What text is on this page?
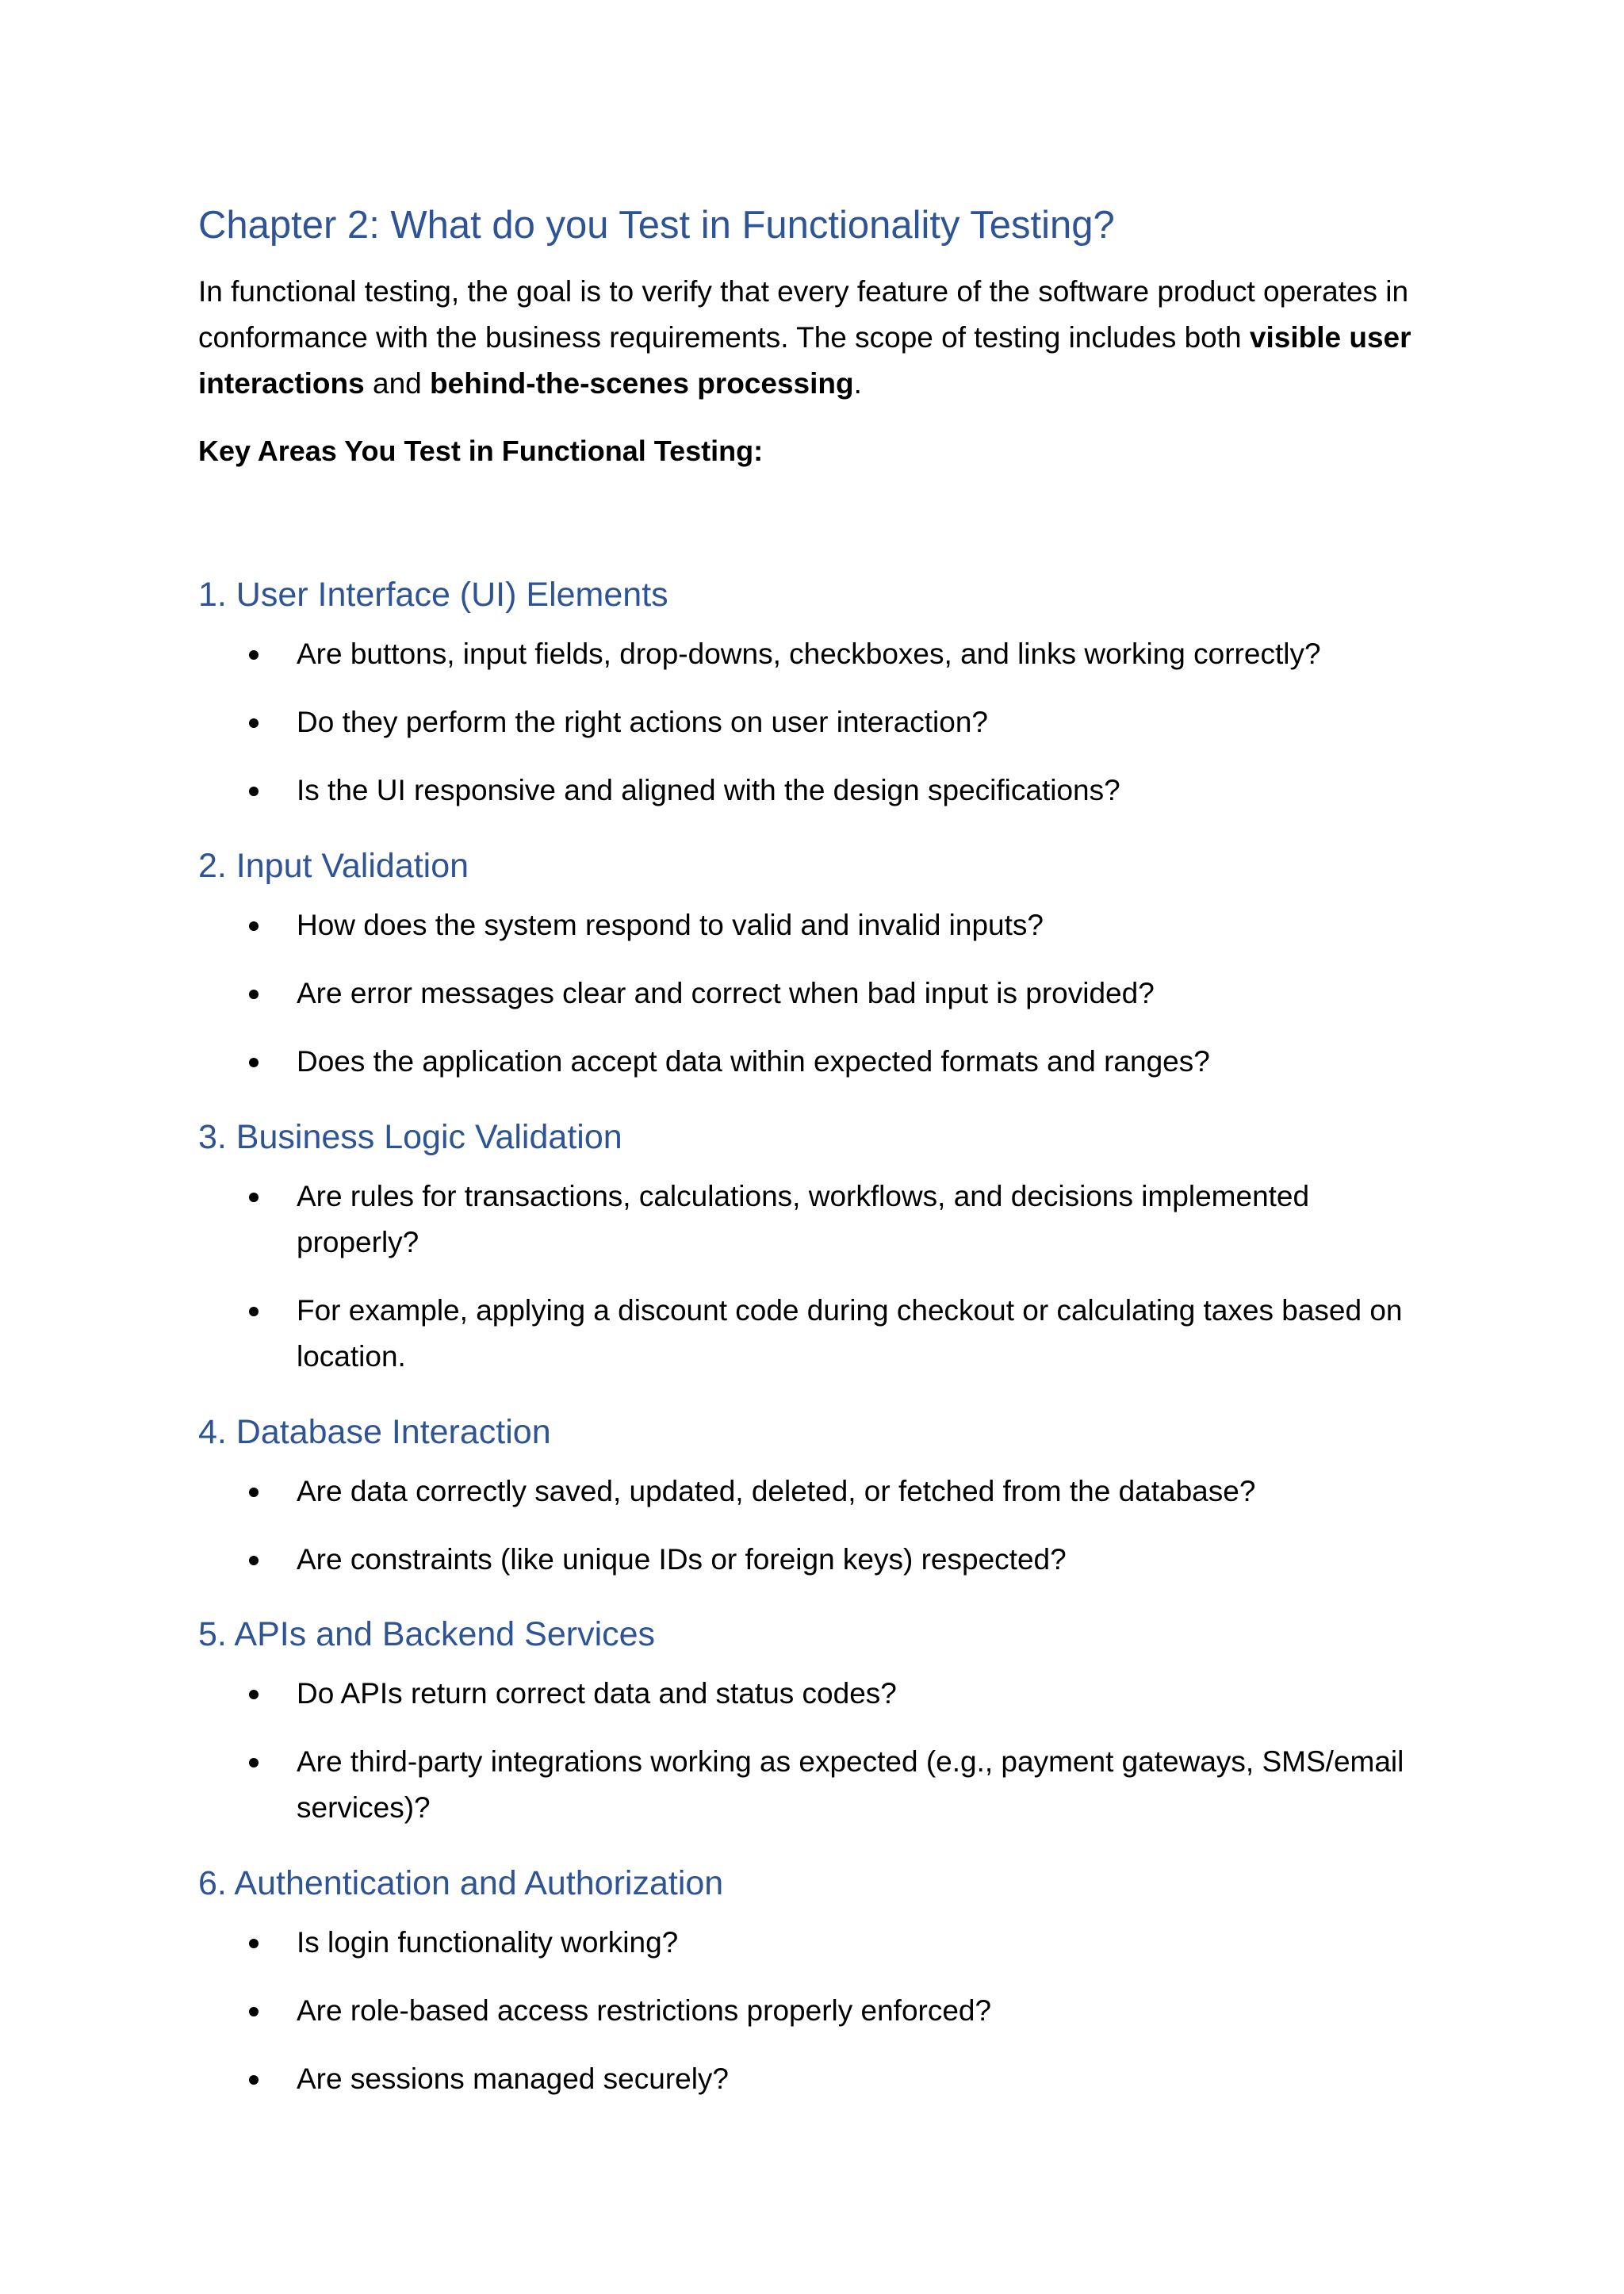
Chapter 2: What do you Test in Functionality Testing?

In functional testing, the goal is to verify that every feature of the software product operates in conformance with the business requirements. The scope of testing includes both visible user interactions and behind-the-scenes processing.

Key Areas You Test in Functional Testing:

1. User Interface (UI) Elements
Are buttons, input fields, drop-downs, checkboxes, and links working correctly?
Do they perform the right actions on user interaction?
Is the UI responsive and aligned with the design specifications?
2. Input Validation
How does the system respond to valid and invalid inputs?
Are error messages clear and correct when bad input is provided?
Does the application accept data within expected formats and ranges?
3. Business Logic Validation
Are rules for transactions, calculations, workflows, and decisions implemented properly?
For example, applying a discount code during checkout or calculating taxes based on location.
4. Database Interaction
Are data correctly saved, updated, deleted, or fetched from the database?
Are constraints (like unique IDs or foreign keys) respected?
5. APIs and Backend Services
Do APIs return correct data and status codes?
Are third-party integrations working as expected (e.g., payment gateways, SMS/email services)?
6. Authentication and Authorization
Is login functionality working?
Are role-based access restrictions properly enforced?
Are sessions managed securely?
